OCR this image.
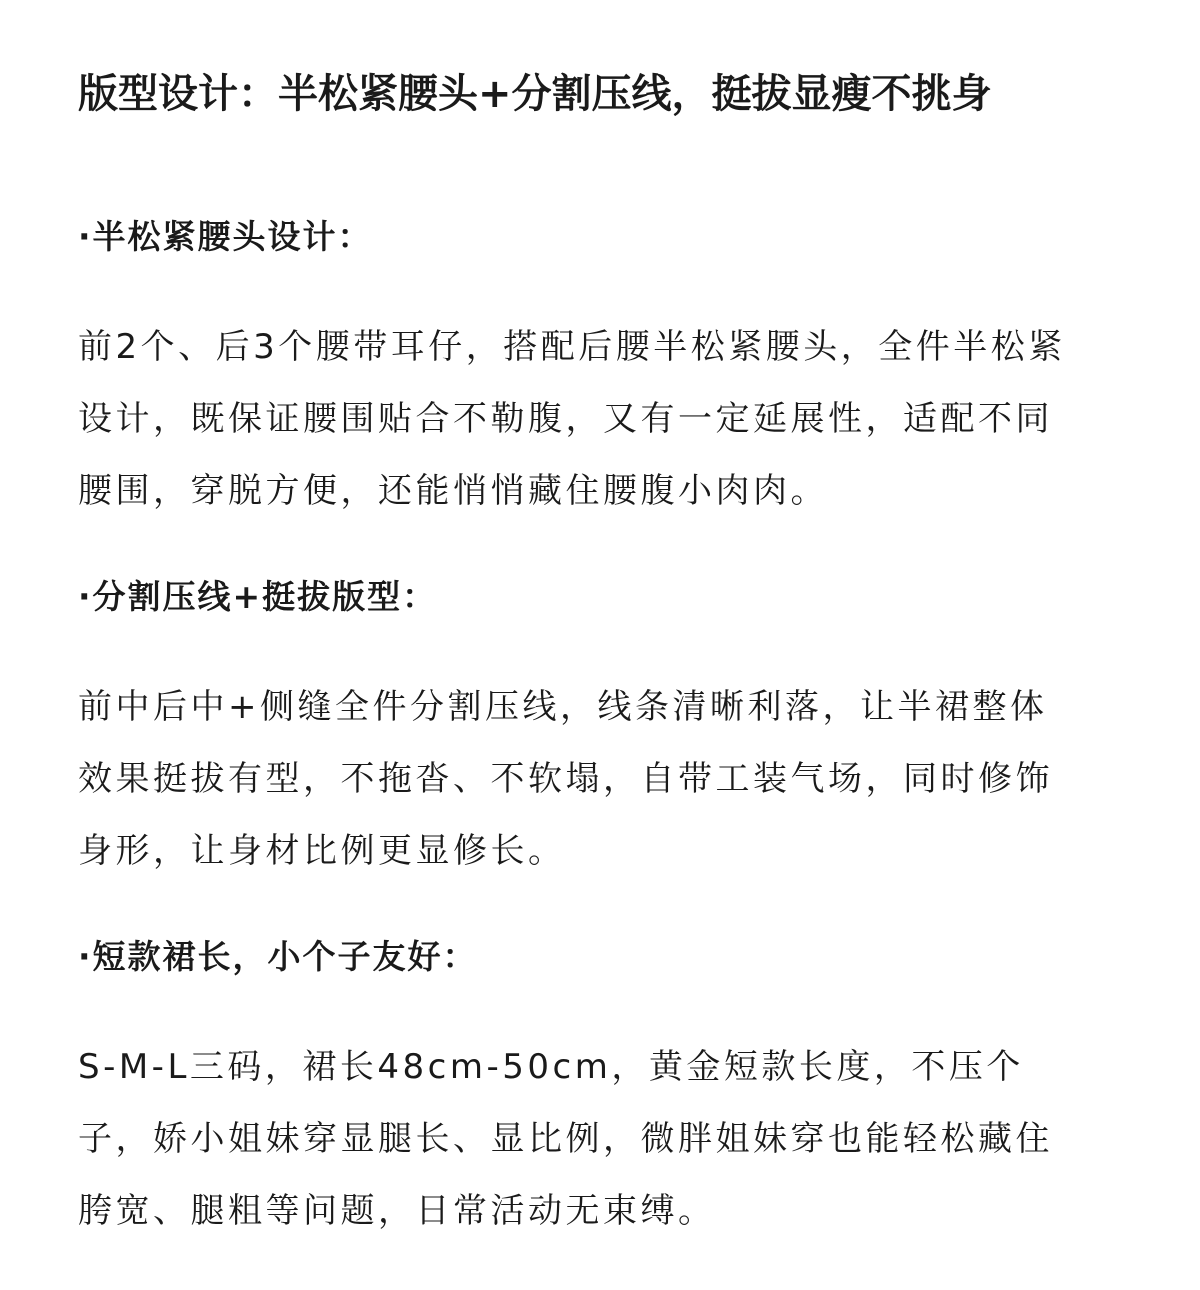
版型设计：半松紧腰头+分割压线，挺拔显瘦不挑身
·半松紧腰头设计：

前2个、后3个腰带耳仔，搭配后腰半松紧腰头，全件半松紧

设计，既保证腰围贴合不勒腹，又有一定延展性，适配不同

腰围，穿脱方便，还能悄悄藏住腰腹小肉肉。

·分割压线+挺拔版型：

前中后中+侧缝全件分割压线，线条清晰利落，让半裙整体

效果挺拔有型，不拖沓、不软塌，自带工装气场，同时修饰

身形，让身材比例更显修长。

·短款裙长，小个子友好：

S-M-L三码，裙长48cm-50cm，黄金短款长度，不压个

子，娇小姐妹穿显腿长、显比例，微胖姐妹穿也能轻松藏住

胯宽、腿粗等问题，日常活动无束缚。
